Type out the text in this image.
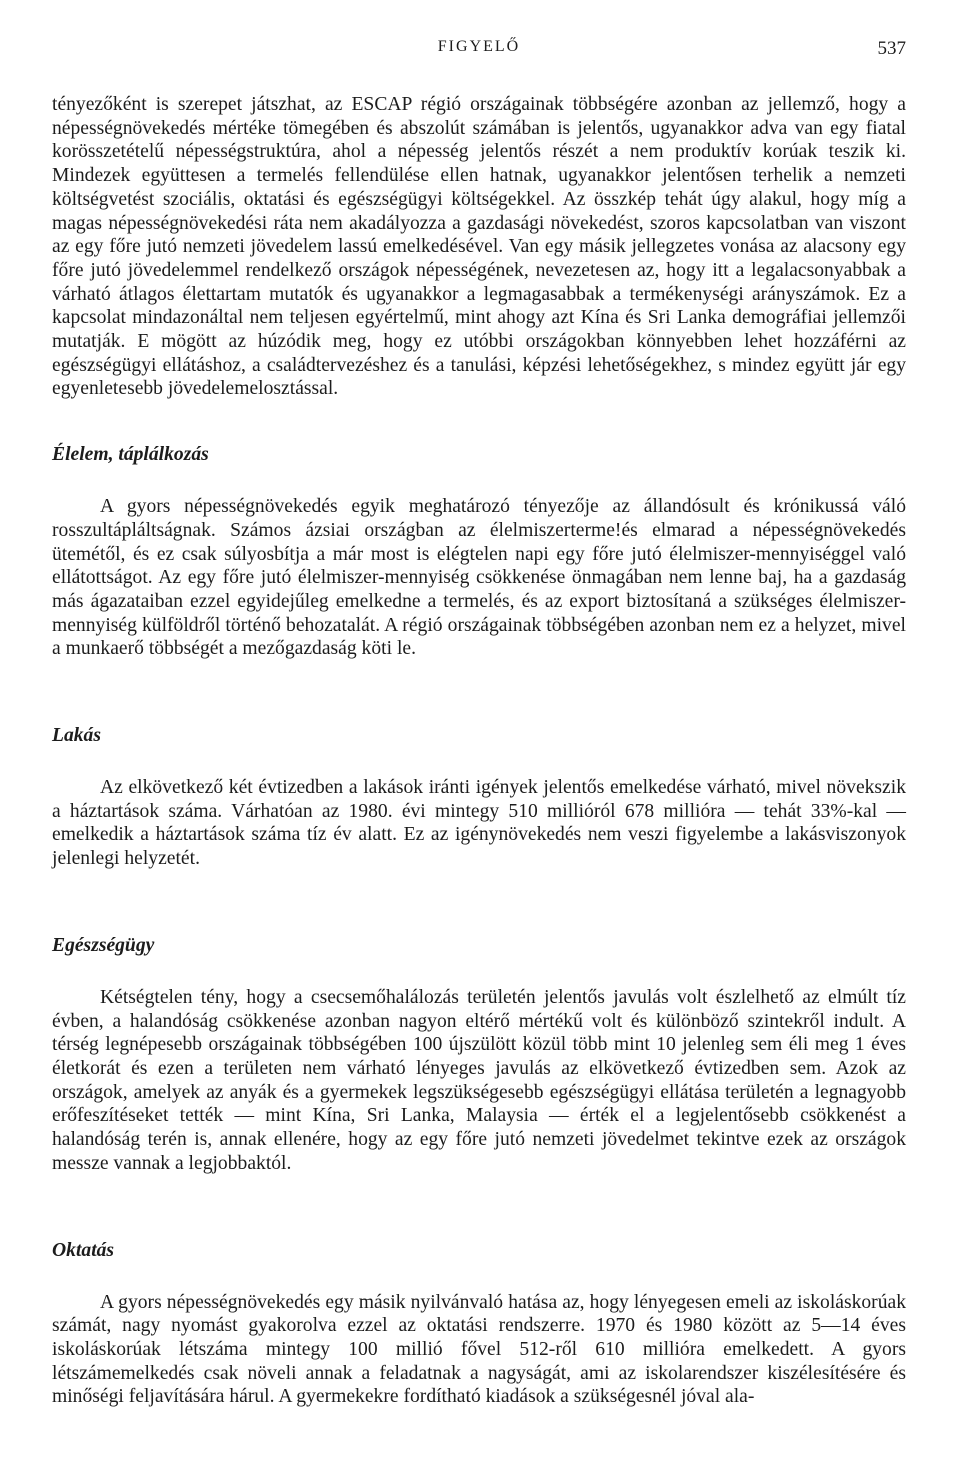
FIGYELŐ	537

tényezőként is szerepet játszhat, az ESCAP régió országainak többségére azonban az jellemző, hogy a népességnövekedés mértéke tömegében és abszolút számában is jelentős, ugyanakkor adva van egy fiatal korösszetételű népességstruktúra, ahol a népesség jelentős részét a nem produktív korúak teszik ki. Mindezek együttesen a termelés fellendülése ellen hatnak, ugyanakkor jelentősen terhelik a nemzeti költségvetést szociális, oktatási és egészségügyi költségekkel. Az összkép tehát úgy alakul, hogy míg a magas népességnövekedési ráta nem akadályozza a gazdasági növekedést, szoros kapcsolatban van viszont az egy főre jutó nemzeti jövedelem lassú emelkedésével. Van egy másik jellegzetes vonása az alacsony egy főre jutó jövedelemmel rendelkező országok népességének, nevezetesen az, hogy itt a legalacsonyabbak a várható átlagos élettartam mutatók és ugyanakkor a legmagasabbak a termékenységi arányszámok. Ez a kapcsolat mindazonáltal nem teljesen egyértelmű, mint ahogy azt Kína és Sri Lanka demográfiai jellemzői mutatják. E mögött az húzódik meg, hogy ez utóbbi országokban könnyebben lehet hozzáférni az egészségügyi ellátáshoz, a családtervezéshez és a tanulási, képzési lehetőségekhez, s mindez együtt jár egy egyenletesebb jövedelemelosztással.

Élelem, táplálkozás

A gyors népességnövekedés egyik meghatározó tényezője az állandósult és krónikussá váló rosszultápláltságnak. Számos ázsiai országban az élelmiszerterme!és elmarad a népességnövekedés ütemétől, és ez csak súlyosbítja a már most is elégtelen napi egy főre jutó élelmiszer-mennyiséggel való ellátottságot. Az egy főre jutó élelmiszer-mennyiség csökkenése önmagában nem lenne baj, ha a gazdaság más ágazataiban ezzel egyidejűleg emelkedne a termelés, és az export biztosítaná a szükséges élelmiszer-mennyiség külföldről történő behozatalát. A régió országainak többségében azonban nem ez a helyzet, mivel a munkaerő többségét a mezőgazdaság köti le.

Lakás

Az elkövetkező két évtizedben a lakások iránti igények jelentős emelkedése várható, mivel növekszik a háztartások száma. Várhatóan az 1980. évi mintegy 510 millióról 678 millióra — tehát 33%-kal — emelkedik a háztartások száma tíz év alatt. Ez az igénynövekedés nem veszi figyelembe a lakásviszonyok jelenlegi helyzetét.

Egészségügy

Kétségtelen tény, hogy a csecsemőhalálozás területén jelentős javulás volt észlelhető az elmúlt tíz évben, a halandóság csökkenése azonban nagyon eltérő mértékű volt és különböző szintekről indult. A térség legnépesebb országainak többségében 100 újszülött közül több mint 10 jelenleg sem éli meg 1 éves életkorát és ezen a területen nem várható lényeges javulás az elkövetkező évtizedben sem. Azok az országok, amelyek az anyák és a gyermekek legszükségesebb egészségügyi ellátása területén a legnagyobb erőfeszítéseket tették — mint Kína, Sri Lanka, Malaysia — érték el a legjelentősebb csökkenést a halandóság terén is, annak ellenére, hogy az egy főre jutó nemzeti jövedelmet tekintve ezek az országok messze vannak a legjobbaktól.

Oktatás

A gyors népességnövekedés egy másik nyilvánvaló hatása az, hogy lényegesen emeli az iskoláskorúak számát, nagy nyomást gyakorolva ezzel az oktatási rendszerre. 1970 és 1980 között az 5—14 éves iskoláskorúak létszáma mintegy 100 millió fővel 512-ről 610 millióra emelkedett. A gyors létszámemelkedés csak növeli annak a feladatnak a nagyságát, ami az iskolarendszer kiszélesítésére és minőségi feljavítására hárul. A gyermekekre fordítható kiadások a szükségesnél jóval ala-
